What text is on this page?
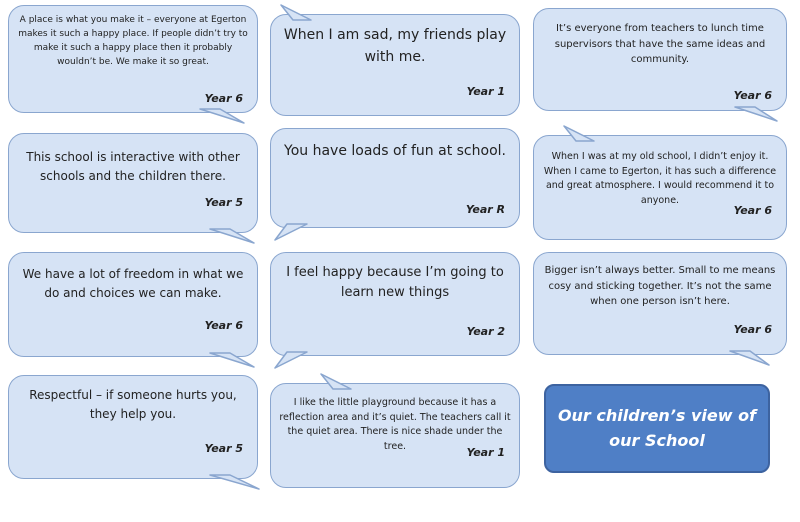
A place is what you make it – everyone at Egerton makes it such a happy place. If people didn’t try to make it such a happy place then it probably wouldn’t be. We make it so great.
Year 6
When I am sad, my friends play with me.
Year 1
It’s everyone from teachers to lunch time supervisors that have the same ideas and community.
Year 6
This school is interactive with other schools and the children there.
Year 5
You have loads of fun at school.
Year R
When I was at my old school, I didn’t enjoy it. When I came to Egerton, it has such a difference and great atmosphere. I would recommend it to anyone.
Year 6
We have a lot of freedom in what we do and choices we can make.
Year 6
I feel happy because I’m going to learn new things
Year 2
Bigger isn’t always better. Small to me means cosy and sticking together. It’s not the same when one person isn’t here.
Year 6
Respectful – if someone hurts you, they help you.
Year 5
I like the little playground because it has a reflection area and it’s quiet. The teachers call it the quiet area. There is nice shade under the tree.	Year 1
Our children’s view of our School
